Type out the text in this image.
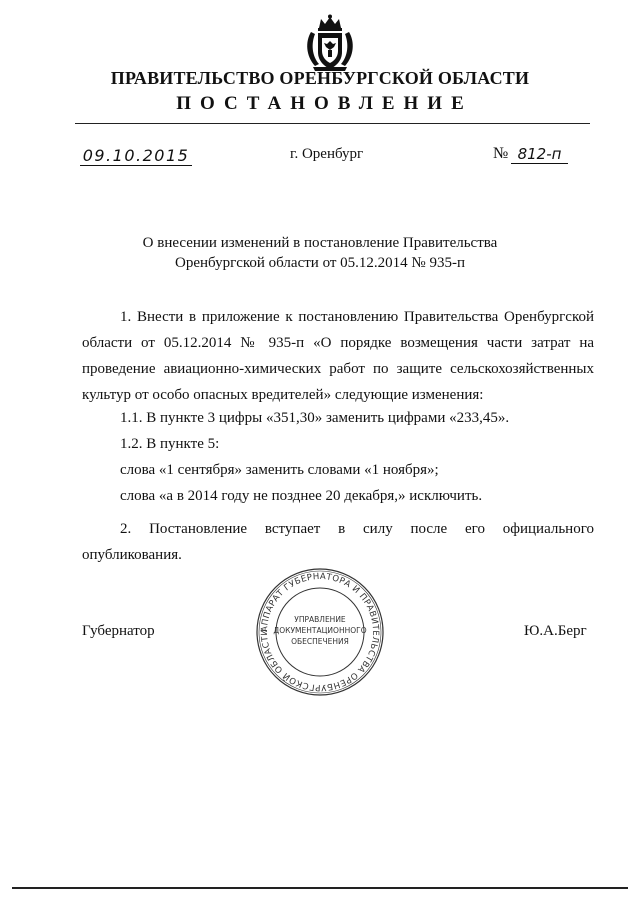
ПРАВИТЕЛЬСТВО ОРЕНБУРГСКОЙ ОБЛАСТИ
ПОСТАНОВЛЕНИЕ
09.10.2015	г. Оренбург	№ 812-п
О внесении изменений в постановление Правительства
Оренбургской области от 05.12.2014 № 935-п
1. Внести в приложение к постановлению Правительства Оренбургской области от 05.12.2014 № 935-п «О порядке возмещения части затрат на проведение авиационно-химических работ по защите сельскохозяйственных культур от особо опасных вредителей» следующие изменения:
1.1. В пункте 3 цифры «351,30» заменить цифрами «233,45».
1.2. В пункте 5:
слова «1 сентября» заменить словами «1 ноября»;
слова «а в 2014 году не позднее 20 декабря,» исключить.
2. Постановление вступает в силу после его официального опубликования.
Губернатор	Ю.А.Берг
АППАРАТ ГУБЕРНАТОРА И ПРАВИТЕЛЬСТВА ОРЕНБУРГСКОЙ ОБЛАСТИ
УПРАВЛЕНИЕ
ДОКУМЕНТАЦИОННОГО
ОБЕСПЕЧЕНИЯ
